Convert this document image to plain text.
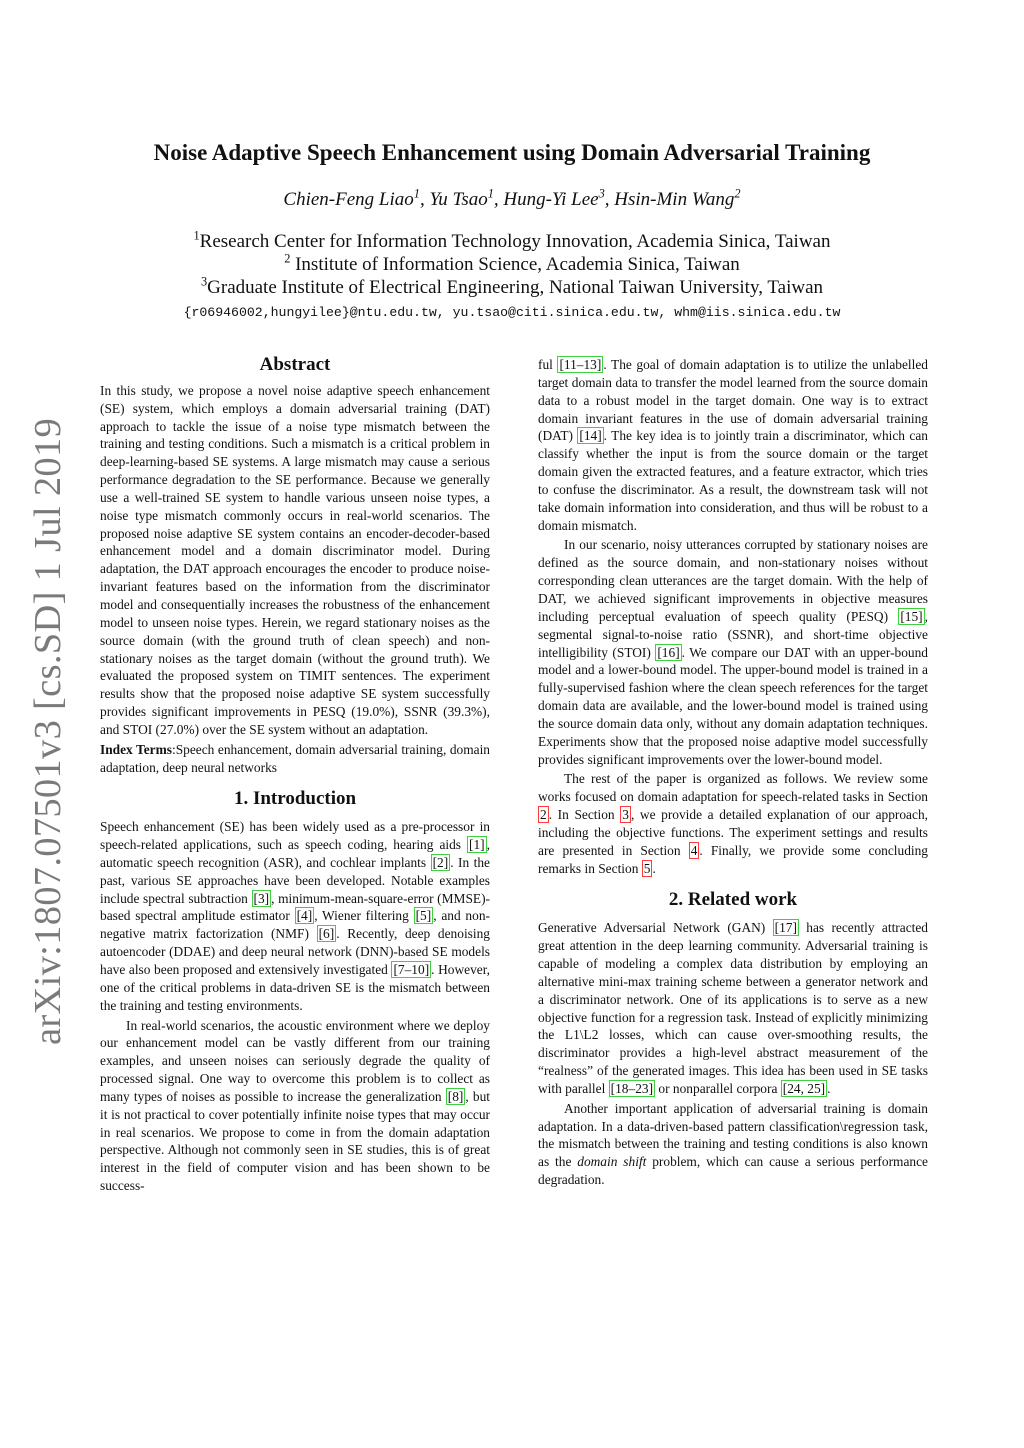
arXiv:1807.07501v3 [cs.SD] 1 Jul 2019
Noise Adaptive Speech Enhancement using Domain Adversarial Training
Chien-Feng Liao$^1$, Yu Tsao$^1$, Hung-Yi Lee$^3$, Hsin-Min Wang$^2$
$^1$Research Center for Information Technology Innovation, Academia Sinica, Taiwan
$^2$ Institute of Information Science, Academia Sinica, Taiwan
$^3$Graduate Institute of Electrical Engineering, National Taiwan University, Taiwan
{r06946002,hungyilee}@ntu.edu.tw, yu.tsao@citi.sinica.edu.tw, whm@iis.sinica.edu.tw
Abstract

In this study, we propose a novel noise adaptive speech enhancement (SE) system, which employs a domain adversarial training (DAT) approach to tackle the issue of a noise type mismatch between the training and testing conditions. Such a mismatch is a critical problem in deep-learning-based SE systems. A large mismatch may cause a serious performance degradation to the SE performance. Because we generally use a well-trained SE system to handle various unseen noise types, a noise type mismatch commonly occurs in real-world scenarios. The proposed noise adaptive SE system contains an encoder-decoder-based enhancement model and a domain discriminator model. During adaptation, the DAT approach encourages the encoder to produce noise-invariant features based on the information from the discriminator model and consequentially increases the robustness of the enhancement model to unseen noise types. Herein, we regard stationary noises as the source domain (with the ground truth of clean speech) and non-stationary noises as the target domain (without the ground truth). We evaluated the proposed system on TIMIT sentences. The experiment results show that the proposed noise adaptive SE system successfully provides significant improvements in PESQ (19.0%), SSNR (39.3%), and STOI (27.0%) over the SE system without an adaptation.

Index Terms:Speech enhancement, domain adversarial training, domain adaptation, deep neural networks

1. Introduction

Speech enhancement (SE) has been widely used as a pre-processor in speech-related applications, such as speech coding, hearing aids [1] , automatic speech recognition (ASR), and cochlear implants [2] . In the past, various SE approaches have been developed. Notable examples include spectral subtraction [3] , minimum-mean-square-error (MMSE)-based spectral amplitude estimator [4] , Wiener filtering [5] , and non-negative matrix factorization (NMF) [6] . Recently, deep denoising autoencoder (DDAE) and deep neural network (DNN)-based SE models have also been proposed and extensively investigated [7–10] . However, one of the critical problems in data-driven SE is the mismatch between the training and testing environments.

In real-world scenarios, the acoustic environment where we deploy our enhancement model can be vastly different from our training examples, and unseen noises can seriously degrade the quality of processed signal. One way to overcome this problem is to collect as many types of noises as possible to increase the generalization [8] , but it is not practical to cover potentially infinite noise types that may occur in real scenarios. We propose to come in from the domain adaptation perspective. Although not commonly seen in SE studies, this is of great interest in the field of computer vision and has been shown to be success-

ful [11–13] . The goal of domain adaptation is to utilize the unlabelled target domain data to transfer the model learned from the source domain data to a robust model in the target domain. One way is to extract domain invariant features in the use of domain adversarial training (DAT) [14] . The key idea is to jointly train a discriminator, which can classify whether the input is from the source domain or the target domain given the extracted features, and a feature extractor, which tries to confuse the discriminator. As a result, the downstream task will not take domain information into consideration, and thus will be robust to a domain mismatch.

In our scenario, noisy utterances corrupted by stationary noises are defined as the source domain, and non-stationary noises without corresponding clean utterances are the target domain. With the help of DAT, we achieved significant improvements in objective measures including perceptual evaluation of speech quality (PESQ) [15] , segmental signal-to-noise ratio (SSNR), and short-time objective intelligibility (STOI) [16] . We compare our DAT with an upper-bound model and a lower-bound model. The upper-bound model is trained in a fully-supervised fashion where the clean speech references for the target domain data are available, and the lower-bound model is trained using the source domain data only, without any domain adaptation techniques. Experiments show that the proposed noise adaptive model successfully provides significant improvements over the lower-bound model.

The rest of the paper is organized as follows. We review some works focused on domain adaptation for speech-related tasks in Section 2 . In Section 3 , we provide a detailed explanation of our approach, including the objective functions. The experiment settings and results are presented in Section 4 . Finally, we provide some concluding remarks in Section 5 .

2. Related work

Generative Adversarial Network (GAN) [17] has recently attracted great attention in the deep learning community. Adversarial training is capable of modeling a complex data distribution by employing an alternative mini-max training scheme between a generator network and a discriminator network. One of its applications is to serve as a new objective function for a regression task. Instead of explicitly minimizing the L1\L2 losses, which can cause over-smoothing results, the discriminator provides a high-level abstract measurement of the “realness” of the generated images. This idea has been used in SE tasks with parallel [18–23] or nonparallel corpora [24, 25] .

Another important application of adversarial training is domain adaptation. In a data-driven-based pattern classification\regression task, the mismatch between the training and testing conditions is also known as the domain shift problem, which can cause a serious performance degradation.
